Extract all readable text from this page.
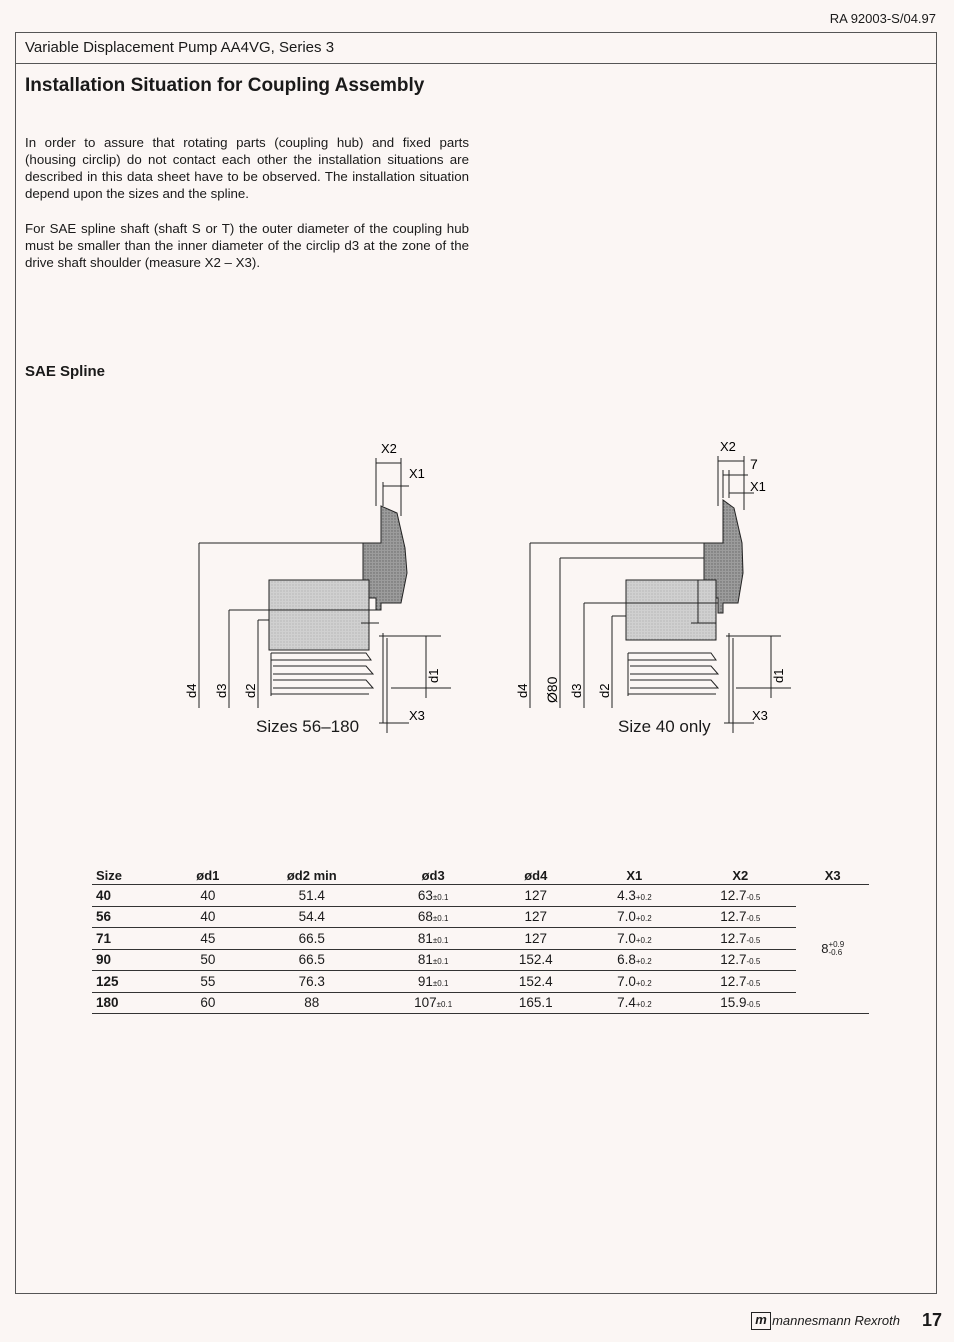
RA 92003-S/04.97
Variable Displacement Pump AA4VG, Series 3
Installation Situation for Coupling Assembly
In order to assure that rotating parts (coupling hub) and fixed parts (housing circlip) do not contact each other the installation situations are described in this data sheet have to be observed. The installation situation depend upon the sizes and the spline.
For SAE spline shaft (shaft S or T) the outer diameter of the coupling hub must be smaller than the inner diameter of the circlip d3 at the zone of the drive shaft shoulder (measure X2 – X3).
SAE Spline
X2
X1
X3
d4 d3 d2
d1
Sizes 56–180
X2
7
X1
X3
d4 Ø80 d3 d2
d1
Size 40 only
Size	ød1	ød2 min	ød3	ød4	X1	X2	X3
40	40	51.4	63±0.1	127	4.3+0.2	12.7-0.5	8+0.9
-0.6
56	40	54.4	68±0.1	127	7.0+0.2	12.7-0.5	
71	45	66.5	81±0.1	127	7.0+0.2	12.7-0.5	
90	50	66.5	81±0.1	152.4	6.8+0.2	12.7-0.5	
125	55	76.3	91±0.1	152.4	7.0+0.2	12.7-0.5	
180	60	88	107±0.1	165.1	7.4+0.2	15.9-0.5	
m mannesmann Rexroth 17
